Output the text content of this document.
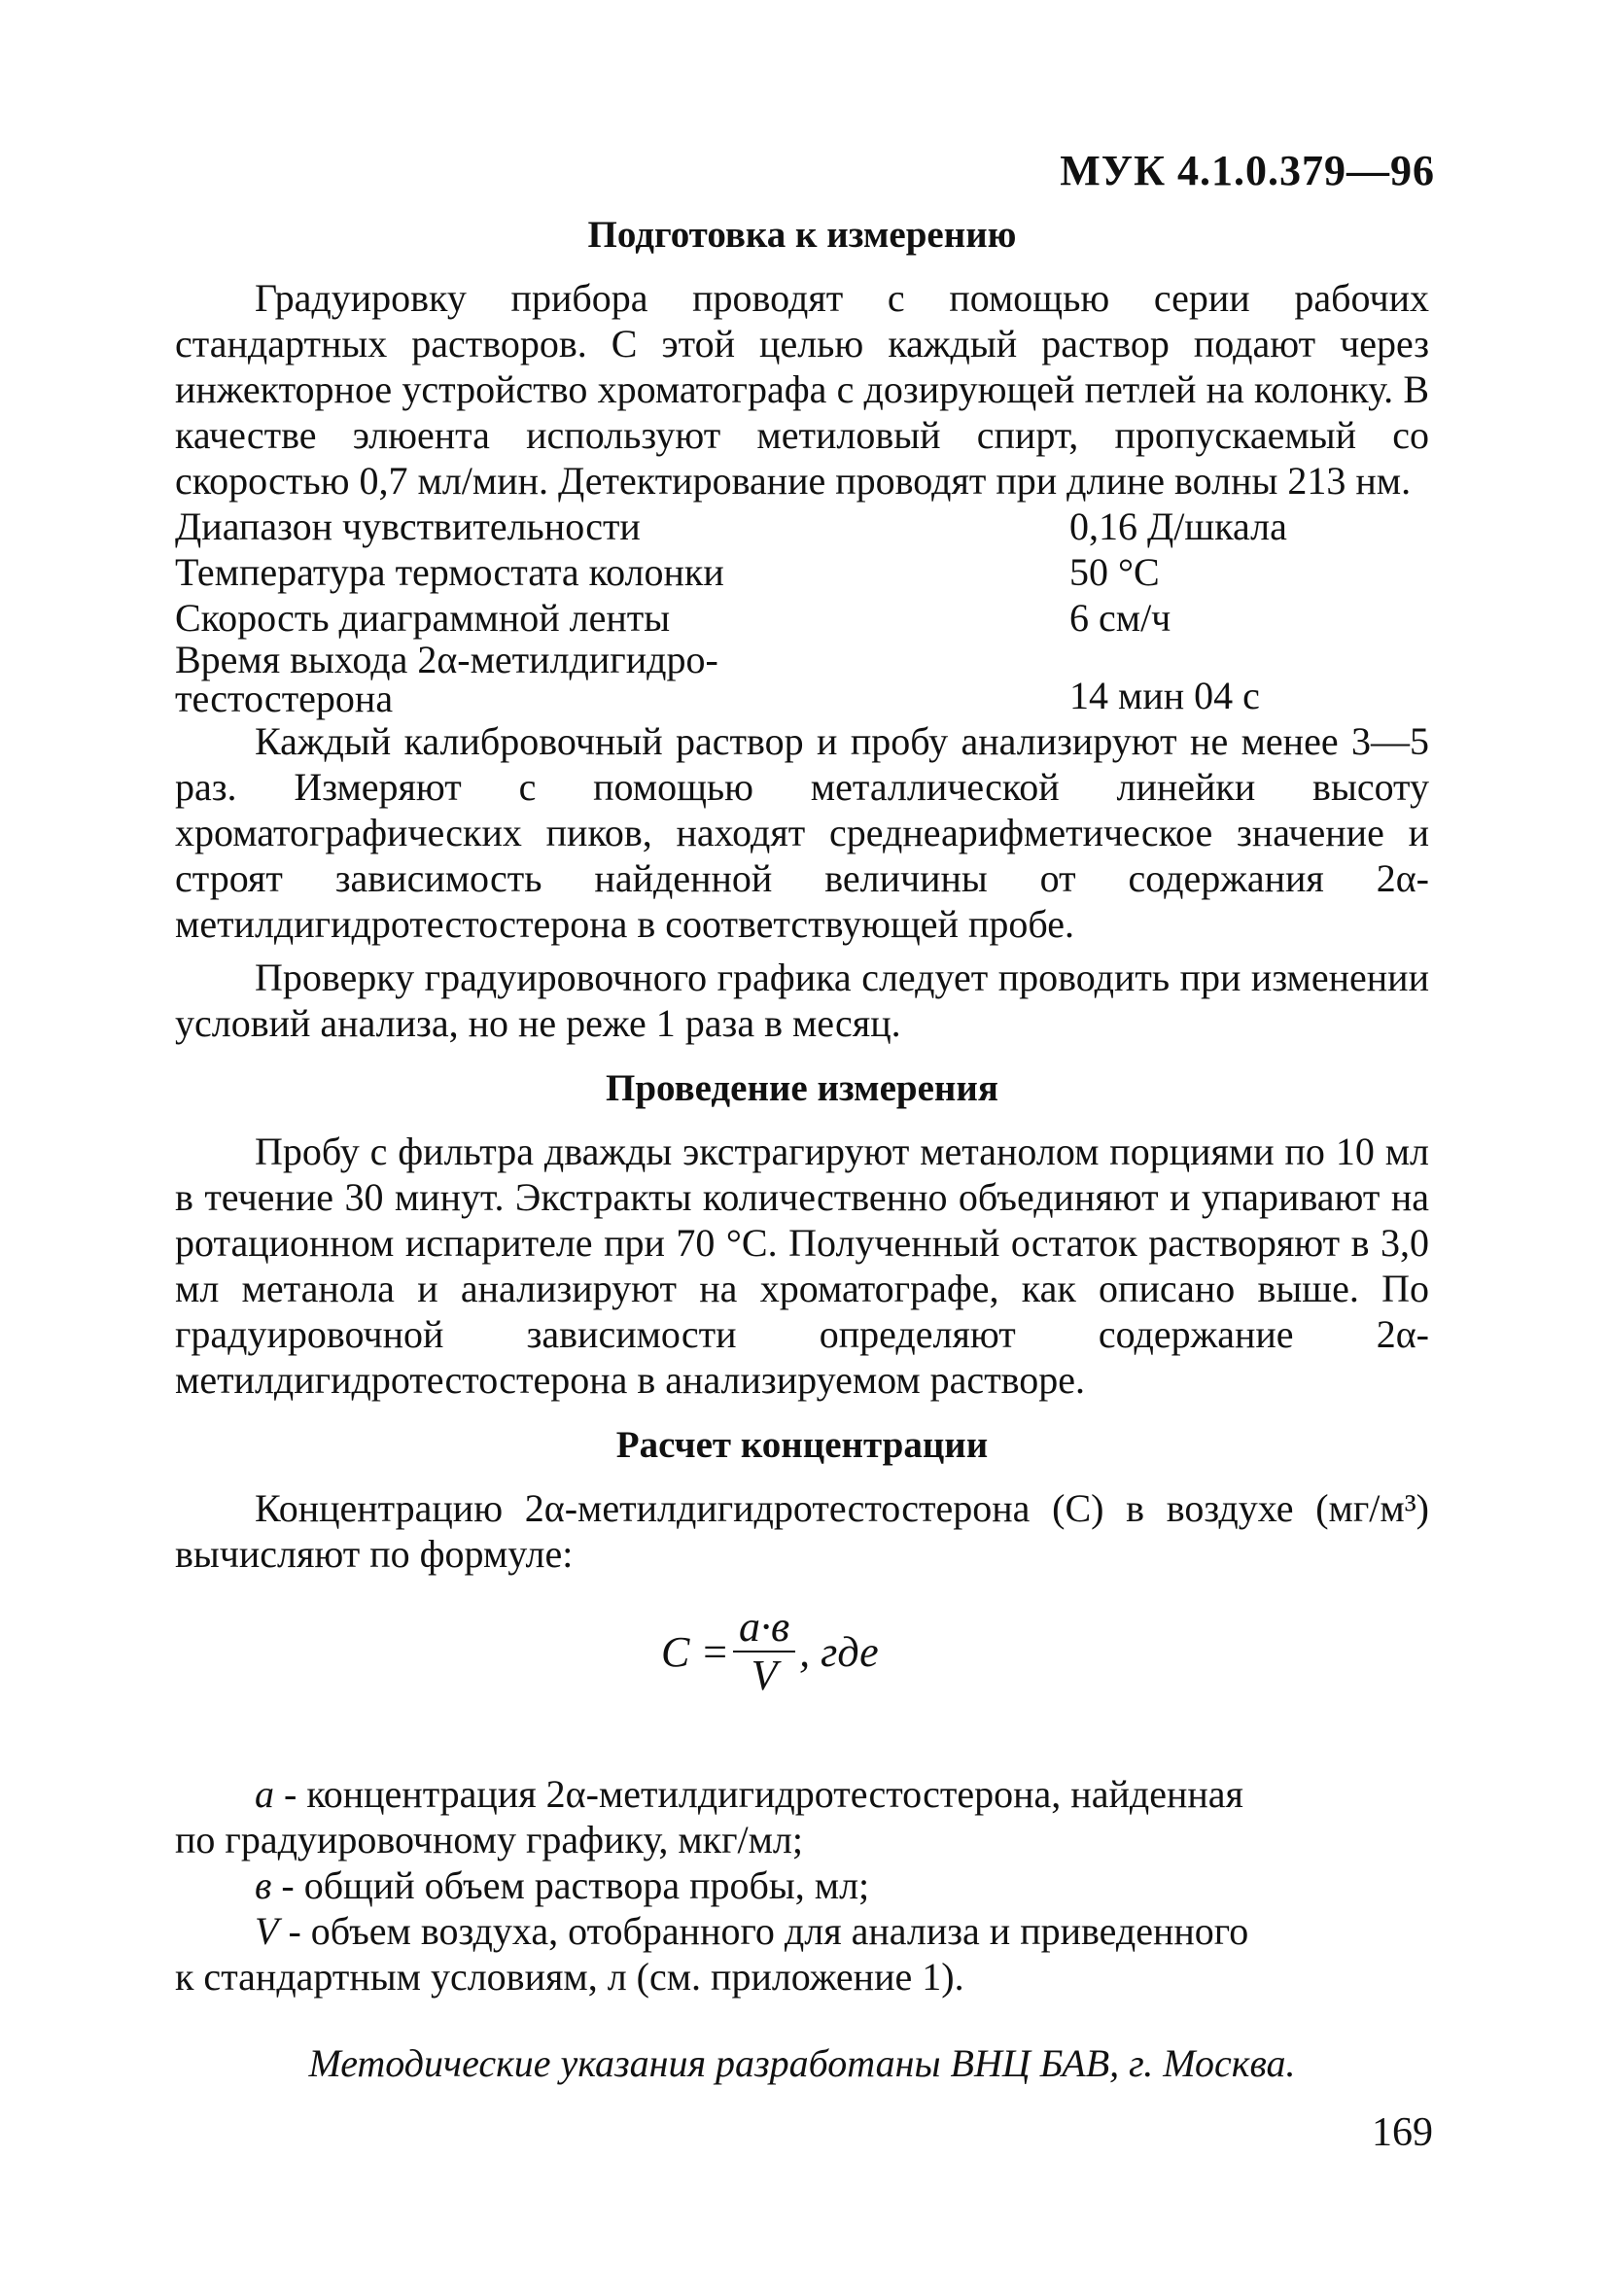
МУК 4.1.0.379—96
Подготовка к измерению

Градуировку прибора проводят с помощью серии рабочих стандартных растворов. С этой целью каждый раствор подают через инжекторное устройство хроматографа с дозирующей петлей на колонку. В качестве элюента используют метиловый спирт, пропускаемый со скоростью 0,7 мл/мин. Детектирование проводят при длине волны 213 нм.

Диапазон чувствительности	0,16 Д/шкала
Температура термостата колонки	50 °С
Скорость диаграммной ленты	6 см/ч
Время выхода 2α-метилдигидро-
тестостерона	14 мин 04 с

Каждый калибровочный раствор и пробу анализируют не менее 3—5 раз. Измеряют с помощью металлической линейки высоту хроматографических пиков, находят среднеарифметическое значение и строят зависимость найденной величины от содержания 2α-метилдигидротестостерона в соответствующей пробе.

Проверку градуировочного графика следует проводить при изменении условий анализа, но не реже 1 раза в месяц.

Проведение измерения

Пробу с фильтра дважды экстрагируют метанолом порциями по 10 мл в течение 30 минут. Экстракты количественно объединяют и упаривают на ротационном испарителе при 70 °С. Полученный остаток растворяют в 3,0 мл метанола и анализируют на хроматографе, как описано выше. По градуировочной зависимости определяют содержание 2α-метилдигидротестостерона в анализируемом растворе.

Расчет концентрации

Концентрацию 2α-метилдигидротестостерона (С) в воздухе (мг/м³) вычисляют по формуле:

$C = \frac{a\cdot в}{V}$ , где

а - концентрация 2α-метилдигидротестостерона, найденная

по градуировочному графику, мкг/мл;

в - общий объем раствора пробы, мл;

V - объем воздуха, отобранного для анализа и приведенного

к стандартным условиям, л (см. приложение 1).

Методические указания разработаны ВНЦ БАВ, г. Москва.
169
